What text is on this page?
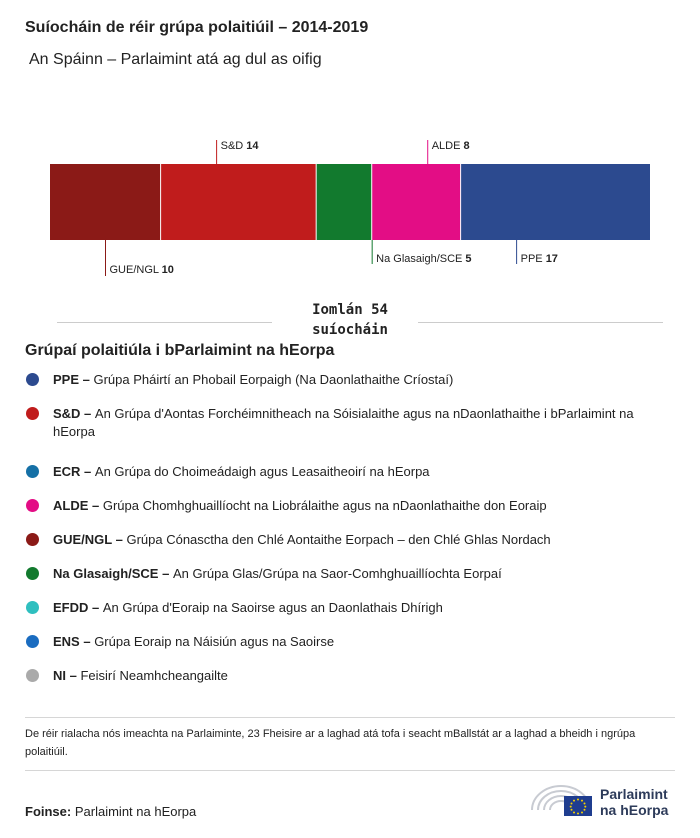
Suíocháin de réir grúpa polaitiúil – 2014-2019
An Spáinn – Parlaimint atá ag dul as oifig
GUE/NGL 10
S&D 14
Na Glasaigh/SCE 5
ALDE 8
PPE 17
Iomlán 54 suíocháin
Grúpaí polaitiúla i bParlaimint na hEorpa
PPE – Grúpa Pháirtí an Phobail Eorpaigh (Na Daonlathaithe Críostaí)
S&D – An Grúpa d'Aontas Forchéimnitheach na Sóisialaithe agus na nDaonlathaithe i bParlaimint na hEorpa
ECR – An Grúpa do Choimeádaigh agus Leasaitheoirí na hEorpa
ALDE – Grúpa Chomhghuaillíocht na Liobrálaithe agus na nDaonlathaithe don Eoraip
GUE/NGL – Grúpa Cónasctha den Chlé Aontaithe Eorpach – den Chlé Ghlas Nordach
Na Glasaigh/SCE – An Grúpa Glas/Grúpa na Saor-Comhghuaillíochta Eorpaí
EFDD – An Grúpa d'Eoraip na Saoirse agus an Daonlathais Dhírigh
ENS – Grúpa Eoraip na Náisiún agus na Saoirse
NI – Feisirí Neamhcheangailte
De réir rialacha nós imeachta na Parlaiminte, 23 Fheisire ar a laghad atá tofa i seacht mBallstát ar a laghad a bheidh i ngrúpa polaitiúil.
Foinse: Parlaimint na hEorpa
Parlaimint
na hEorpa
